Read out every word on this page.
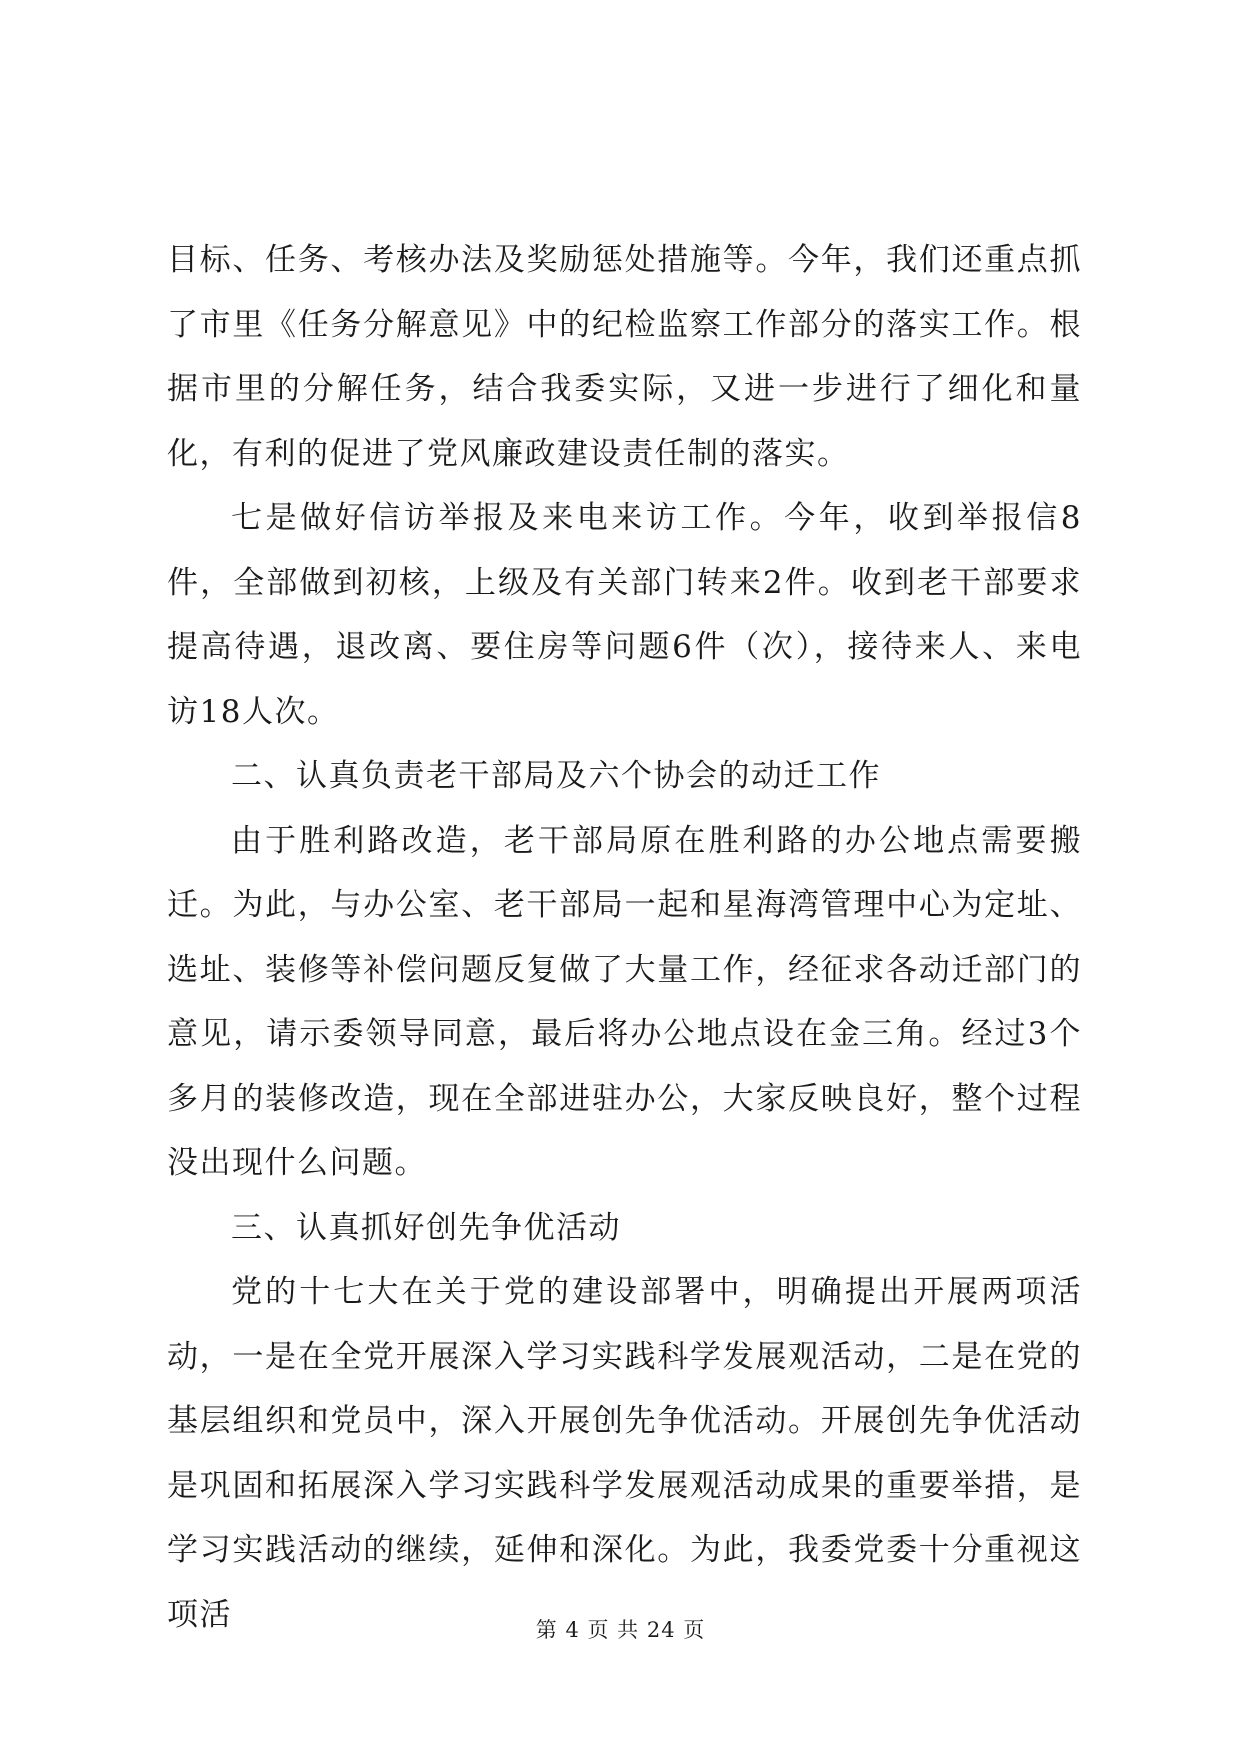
目标、任务、考核办法及奖励惩处措施等。今年，我们还重点抓了市里《任务分解意见》中的纪检监察工作部分的落实工作。根据市里的分解任务，结合我委实际，又进一步进行了细化和量化，有利的促进了党风廉政建设责任制的落实。

七是做好信访举报及来电来访工作。今年，收到举报信8件，全部做到初核，上级及有关部门转来2件。收到老干部要求提高待遇，退改离、要住房等问题6件（次），接待来人、来电访18人次。

二、认真负责老干部局及六个协会的动迁工作

由于胜利路改造，老干部局原在胜利路的办公地点需要搬迁。为此，与办公室、老干部局一起和星海湾管理中心为定址、选址、装修等补偿问题反复做了大量工作，经征求各动迁部门的意见，请示委领导同意，最后将办公地点设在金三角。经过3个多月的装修改造，现在全部进驻办公，大家反映良好，整个过程没出现什么问题。

三、认真抓好创先争优活动

党的十七大在关于党的建设部署中，明确提出开展两项活动，一是在全党开展深入学习实践科学发展观活动，二是在党的基层组织和党员中，深入开展创先争优活动。开展创先争优活动是巩固和拓展深入学习实践科学发展观活动成果的重要举措，是学习实践活动的继续，延伸和深化。为此，我委党委十分重视这项活	第 4 页 共 24 页
